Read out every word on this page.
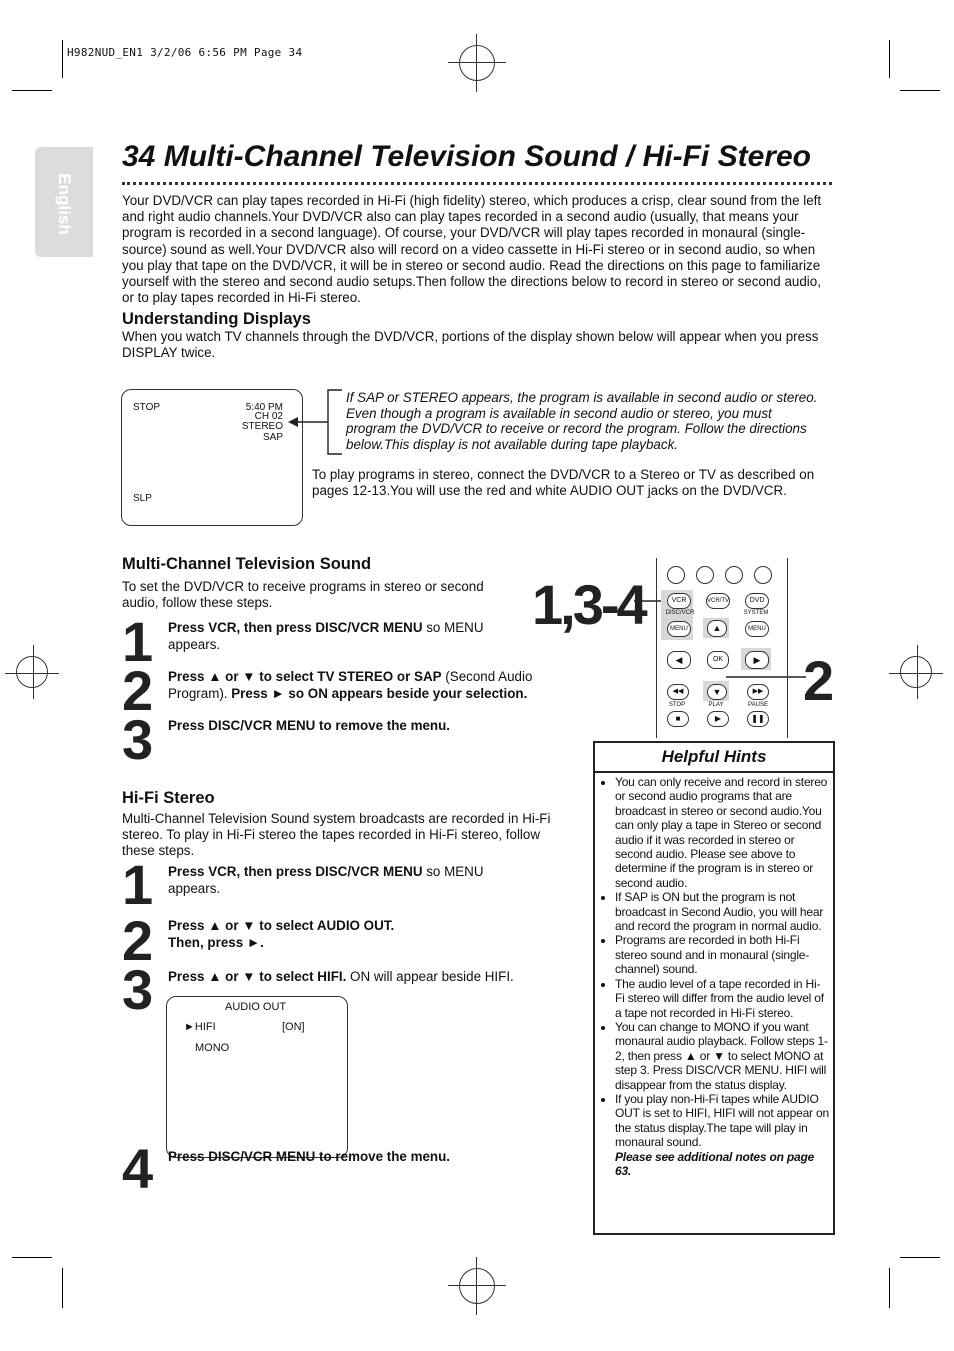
H982NUD_EN1 3/2/06 6:56 PM Page 34
English
34 Multi-Channel Television Sound / Hi-Fi Stereo
Your DVD/VCR can play tapes recorded in Hi-Fi (high fidelity) stereo, which produces a crisp, clear sound from the left and right audio channels.Your DVD/VCR also can play tapes recorded in a second audio (usually, that means your program is recorded in a second language). Of course, your DVD/VCR will play tapes recorded in monaural (single-source) sound as well.Your DVD/VCR also will record on a video cassette in Hi-Fi stereo or in second audio, so when you play that tape on the DVD/VCR, it will be in stereo or second audio. Read the directions on this page to familiarize yourself with the stereo and second audio setups.Then follow the directions below to record in stereo or second audio, or to play tapes recorded in Hi-Fi stereo.
Understanding Displays
When you watch TV channels through the DVD/VCR, portions of the display shown below will appear when you press DISPLAY twice.
STOP	5:40 PM
CH 02
STEREO
SAP
SLP
If SAP or STEREO appears, the program is available in second audio or stereo. Even though a program is available in second audio or stereo, you must program the DVD/VCR to receive or record the program. Follow the directions below.This display is not available during tape playback.
To play programs in stereo, connect the DVD/VCR to a Stereo or TV as described on pages 12-13.You will use the red and white AUDIO OUT jacks on the DVD/VCR.
Multi-Channel Television Sound
To set the DVD/VCR to receive programs in stereo or second audio, follow these steps.
1 Press VCR, then press DISC/VCR MENU so MENU appears.
2 Press ▲ or ▼ to select TV STEREO or SAP (Second Audio Program). Press ► so ON appears beside your selection.
3 Press DISC/VCR MENU to remove the menu.
Hi-Fi Stereo
Multi-Channel Television Sound system broadcasts are recorded in Hi-Fi stereo. To play in Hi-Fi stereo the tapes recorded in Hi-Fi stereo, follow these steps.
1 Press VCR, then press DISC/VCR MENU so MENU appears.
2 Press ▲ or ▼ to select AUDIO OUT.
Then, press ►.
3 Press ▲ or ▼ to select HIFI. ON will appear beside HIFI.
AUDIO OUT
►HIFI	[ON]
MONO
4 Press DISC/VCR MENU to remove the menu.
1,3-4
2
VCR	VCR/TV	DVD
DISC/VCR	SYSTEM
MENU	▲	MENU
◀	OK	▶
◀◀	▼	▶▶
STOP	PLAY	PAUSE
■	▶	❚❚
Helpful Hints
• You can only receive and record in stereo or second audio programs that are broadcast in stereo or second audio.You can only play a tape in Stereo or second audio if it was recorded in stereo or second audio. Please see above to determine if the program is in stereo or second audio.
• If SAP is ON but the program is not broadcast in Second Audio, you will hear and record the program in normal audio.
• Programs are recorded in both Hi-Fi stereo sound and in monaural (single-channel) sound.
• The audio level of a tape recorded in Hi-Fi stereo will differ from the audio level of a tape not recorded in Hi-Fi stereo.
• You can change to MONO if you want monaural audio playback. Follow steps 1-2, then press ▲ or ▼ to select MONO at step 3. Press DISC/VCR MENU. HIFI will disappear from the status display.
• If you play non-Hi-Fi tapes while AUDIO OUT is set to HIFI, HIFI will not appear on the status display.The tape will play in monaural sound.
Please see additional notes on page 63.
